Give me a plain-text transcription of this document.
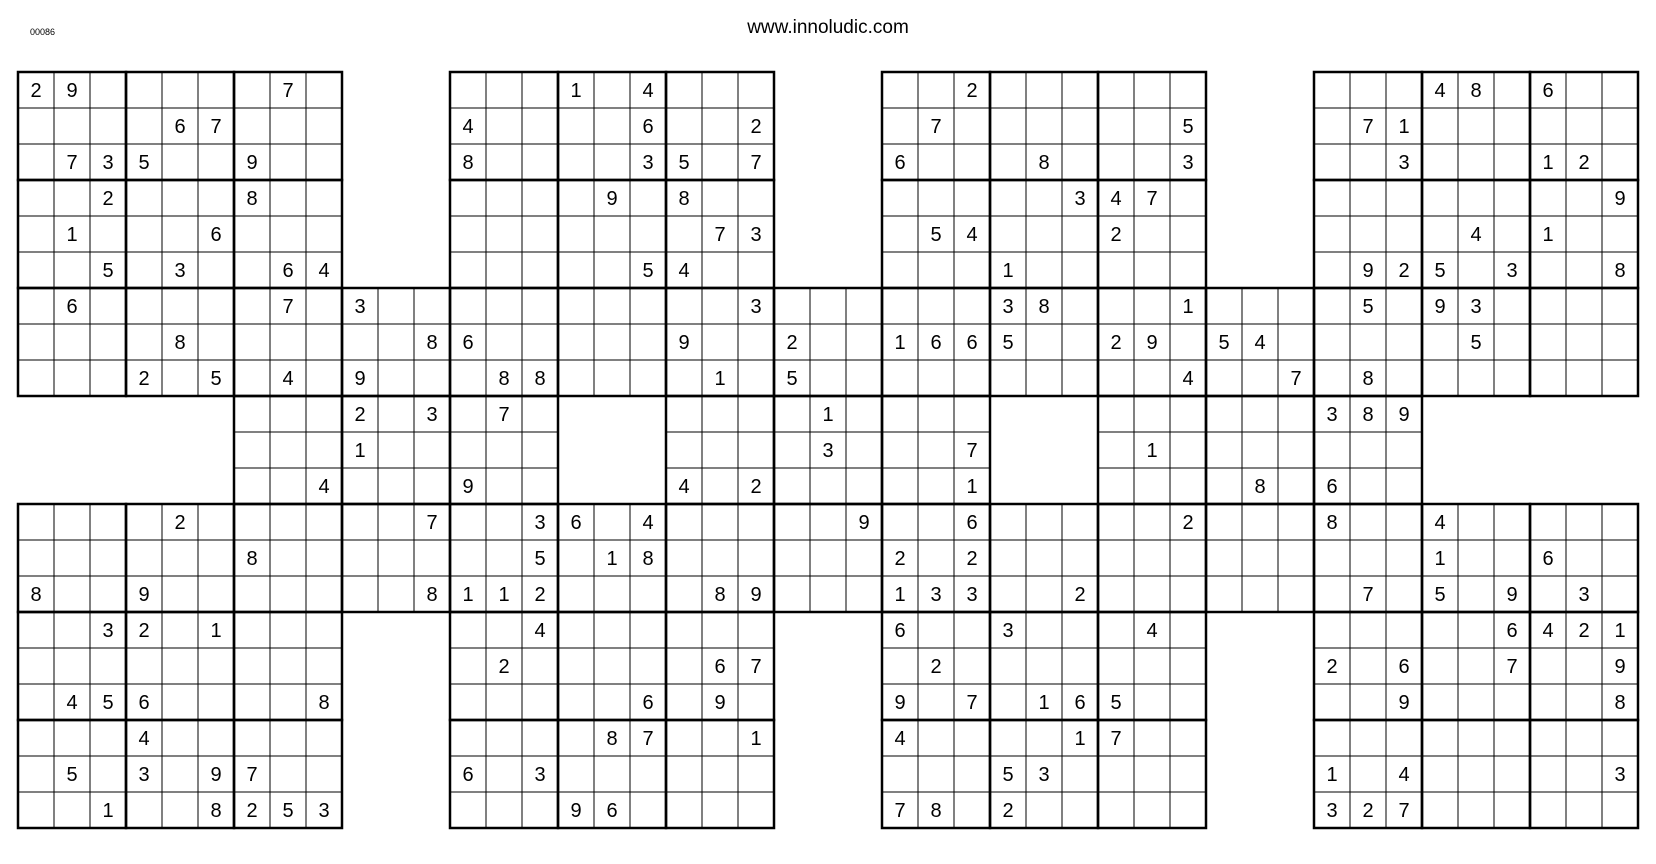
00086	www.innoludic.com
2 9	7
6 7
7 3 5	9
2	8
1	6
5	3	6 4
6	7
8
2	5	4
1	4
4	6	2
8	3 5	7
9	8
7 3
5 4
3
6	9
8 8	1
2
7	5
6	8	3
3 4 7
5 4	2
1
3 8	1
1 6 6 5	2 9
4
4 8	6
7 1
3	1 2
9
4	1
9 2 5	3	8
5	9 3
5
8
3
8
9
2	3	7
1
4	9
7	3
8	5
8 1 1 2
2
5
1
3	7
4	2	1
9	6
2	2
8 9	1 3 3
5 4
7
3 8 9
1
8	6
2	8
7
2
8	9
3 2	1
4 5 6	8
4
5	3	9 7
1	8 2 5 3
6	4
1 8
4
2	6 7
6	9
8 7	1
6	3
9 6
2
6	3	4
2
9	7	1 6 5
4	1 7
5 3
7 8	2
4
1	6
5	9	3
6 4 2 1
2	6	7	9
9	8
1	4	3
3 2 7
